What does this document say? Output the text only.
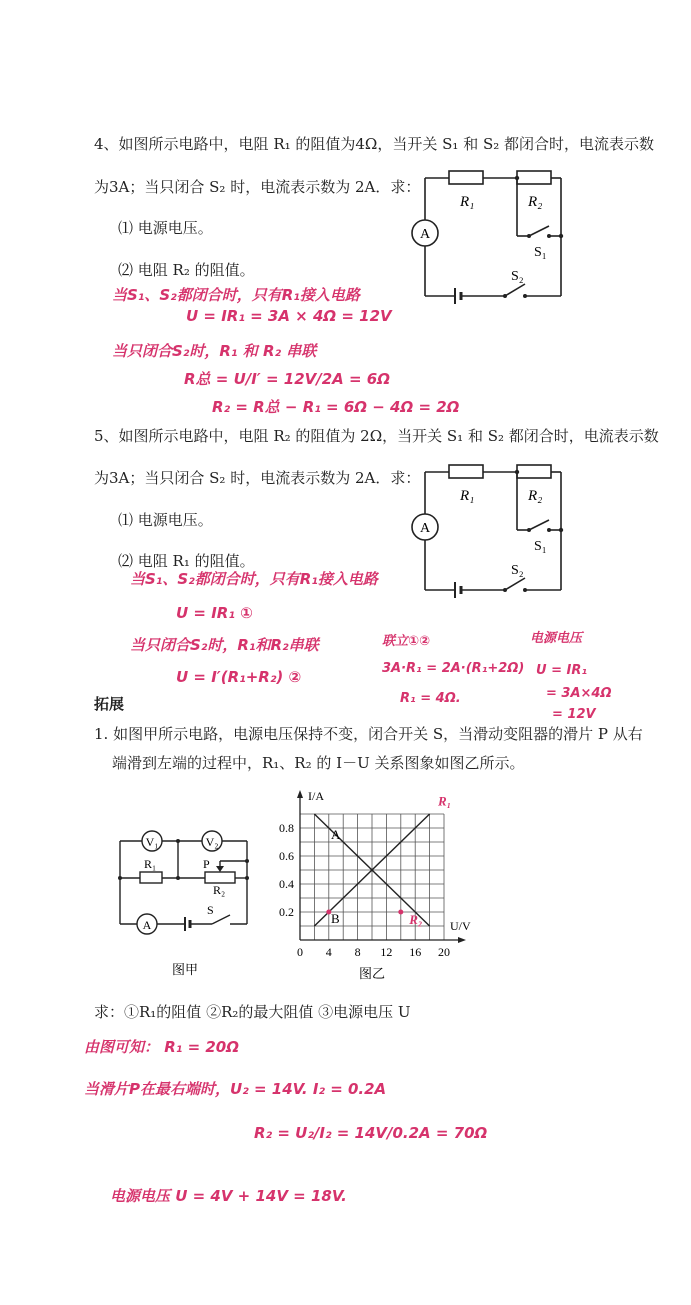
4、如图所示电路中，电阻 R₁ 的阻值为4Ω，当开关 S₁ 和 S₂ 都闭合时，电流表示数
为3A；当只闭合 S₂ 时，电流表示数为 2A．求：
⑴ 电源电压。
⑵ 电阻 R₂ 的阻值。
A
R₁	R₂
S₁
S₂
当S₁、S₂都闭合时，只有R₁接入电路
U = IR₁ = 3A × 4Ω = 12V
当只闭合S₂时，R₁ 和 R₂ 串联
R总 = U/I′ = 12V/2A = 6Ω
R₂ = R总 − R₁ = 6Ω − 4Ω = 2Ω
5、如图所示电路中，电阻 R₂ 的阻值为 2Ω，当开关 S₁ 和 S₂ 都闭合时，电流表示数
为3A；当只闭合 S₂ 时，电流表示数为 2A．求：
⑴ 电源电压。
⑵ 电阻 R₁ 的阻值。
A
R₁	R₂
S₁
S₂
当S₁、S₂都闭合时，只有R₁接入电路
U = IR₁ ①
当只闭合S₂时，R₁和R₂串联
U = I′(R₁+R₂) ②
联立①②
3A·R₁ = 2A·(R₁+2Ω)
R₁ = 4Ω.
电源电压
U = IR₁
= 3A×4Ω
= 12V
拓展
1. 如图甲所示电路，电源电压保持不变，闭合开关 S，当滑动变阻器的滑片 P 从右
端滑到左端的过程中，R₁、R₂ 的 I－U 关系图象如图乙所示。
V₁	V₂
R₁	P
R₂
S
A
图甲
0 4 8 12 16 20
0.2
0.4
0.6
0.8
I/A
U/V
A
B
R₁
R₂
图乙
求：①R₁的阻值 ②R₂的最大阻值 ③电源电压 U
由图可知： R₁ = 20Ω
当滑片P在最右端时，U₂ = 14V. I₂ = 0.2A
R₂ = U₂/I₂ = 14V/0.2A = 70Ω
电源电压 U = 4V + 14V = 18V.
